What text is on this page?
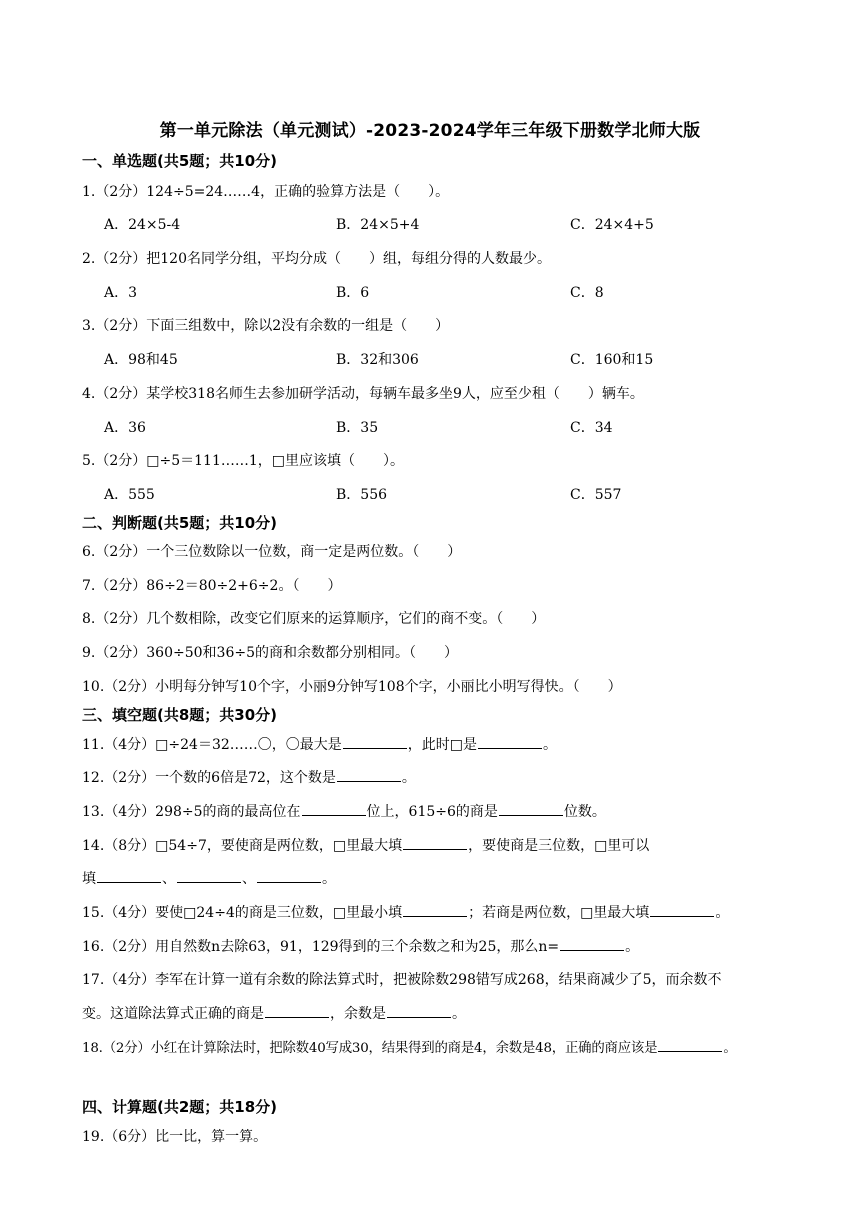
第一单元除法（单元测试）-2023-2024学年三年级下册数学北师大版
一、单选题(共5题；共10分)
1.（2分）124÷5=24……4，正确的验算方法是（　　）。
A．24×5-4	B．24×5+4	C．24×4+5
2.（2分）把120名同学分组，平均分成（　　）组，每组分得的人数最少。
A．3	B．6	C．8
3.（2分）下面三组数中，除以2没有余数的一组是（　　）
A．98和45	B．32和306	C．160和15
4.（2分）某学校318名师生去参加研学活动，每辆车最多坐9人，应至少租（　　）辆车。
A．36	B．35	C．34
5.（2分）□÷5＝111……1，□里应该填（　　）。
A．555	B．556	C．557
二、判断题(共5题；共10分)
6.（2分）一个三位数除以一位数，商一定是两位数。（　　）
7.（2分）86÷2＝80÷2+6÷2。（　　）
8.（2分）几个数相除，改变它们原来的运算顺序，它们的商不变。（　　）
9.（2分）360÷50和36÷5的商和余数都分别相同。（　　）
10.（2分）小明每分钟写10个字，小丽9分钟写108个字，小丽比小明写得快。（　　）
三、填空题(共8题；共30分)
11.（4分）□÷24＝32……〇，〇最大是	，此时□是	。
12.（2分）一个数的6倍是72，这个数是	。
13.（4分）298÷5的商的最高位在	位上，615÷6的商是	位数。
14.（8分）□54÷7，要使商是两位数，□里最大填	，要使商是三位数，□里可以
填	、	、	。
15.（4分）要使□24÷4的商是三位数，□里最小填	；若商是两位数，□里最大填	。
16.（2分）用自然数n去除63，91，129得到的三个余数之和为25，那么n=	。
17.（4分）李军在计算一道有余数的除法算式时，把被除数298错写成268，结果商减少了5，而余数不
变。这道除法算式正确的商是	，余数是	。
18.（2分）小红在计算除法时，把除数40写成30，结果得到的商是4，余数是48，正确的商应该是	。
四、计算题(共2题；共18分)
19.（6分）比一比，算一算。
